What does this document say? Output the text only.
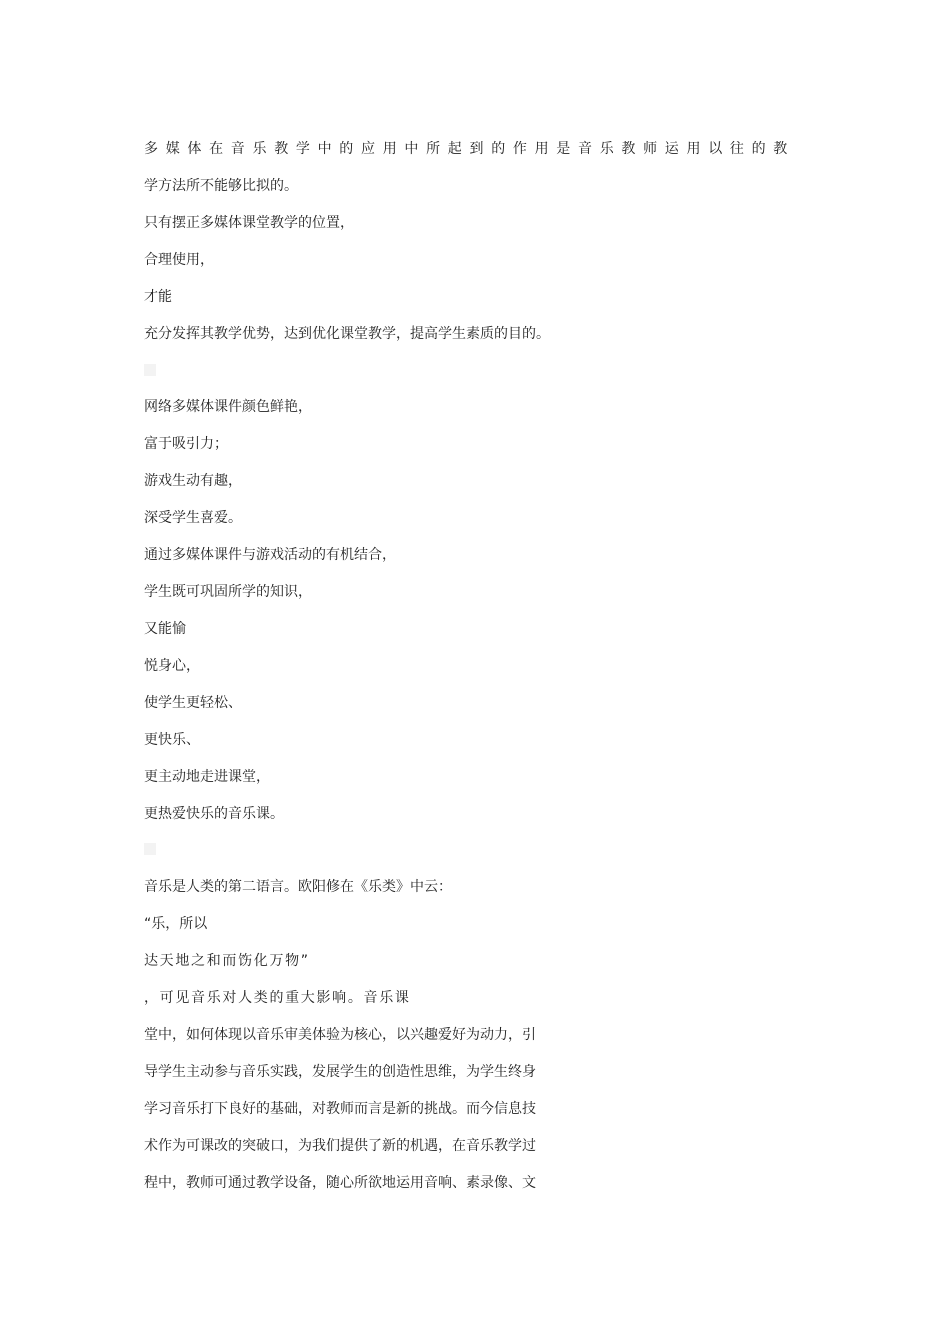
多媒体在音乐教学中的应用中所起到的作用是音乐教师运用以往的教
学方法所不能够比拟的。
只有摆正多媒体课堂教学的位置，
合理使用，
才能
充分发挥其教学优势，达到优化课堂教学，提高学生素质的目的。
网络多媒体课件颜色鲜艳，
富于吸引力；
游戏生动有趣，
深受学生喜爱。
通过多媒体课件与游戏活动的有机结合，
学生既可巩固所学的知识，
又能愉
悦身心，
使学生更轻松、
更快乐、
更主动地走进课堂，
更热爱快乐的音乐课。
音乐是人类的第二语言。欧阳修在《乐类》中云：
“乐，所以
达天地之和而饬化万物”
，可见音乐对人类的重大影响。音乐课
堂中，如何体现以音乐审美体验为核心，以兴趣爱好为动力，引
导学生主动参与音乐实践，发展学生的创造性思维，为学生终身
学习音乐打下良好的基础，对教师而言是新的挑战。而今信息技
术作为可课改的突破口，为我们提供了新的机遇，在音乐教学过
程中，教师可通过教学设备，随心所欲地运用音响、素录像、文
